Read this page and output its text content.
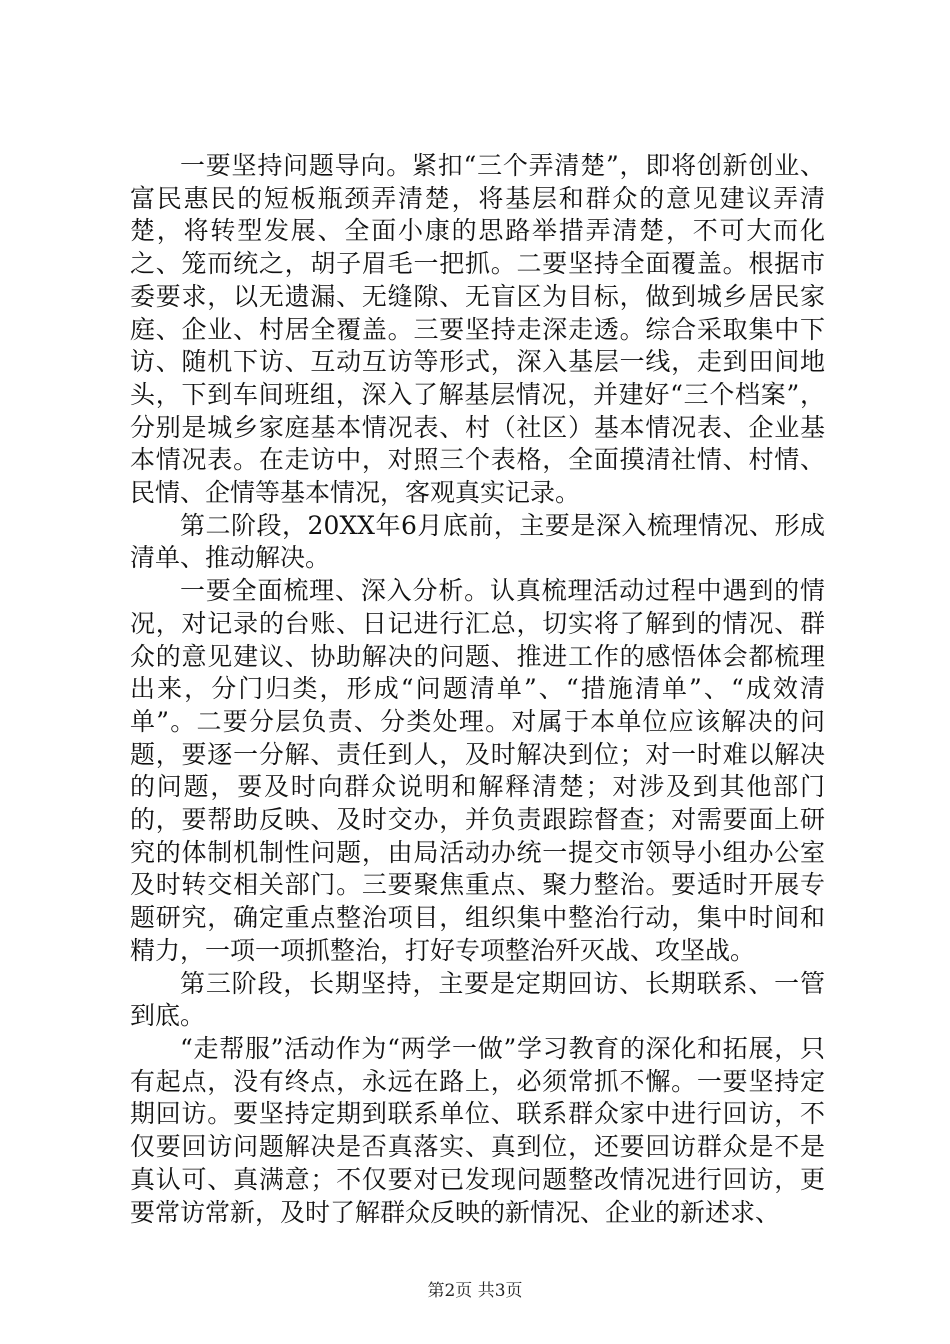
一要坚持问题导向。紧扣“三个弄清楚”，即将创新创业、富民惠民的短板瓶颈弄清楚，将基层和群众的意见建议弄清楚，将转型发展、全面小康的思路举措弄清楚，不可大而化之、笼而统之，胡子眉毛一把抓。二要坚持全面覆盖。根据市委要求，以无遗漏、无缝隙、无盲区为目标，做到城乡居民家庭、企业、村居全覆盖。三要坚持走深走透。综合采取集中下访、随机下访、互动互访等形式，深入基层一线，走到田间地头，下到车间班组，深入了解基层情况，并建好“三个档案”，分别是城乡家庭基本情况表、村（社区）基本情况表、企业基本情况表。在走访中，对照三个表格，全面摸清社情、村情、民情、企情等基本情况，客观真实记录。

第二阶段，20XX年6月底前，主要是深入梳理情况、形成清单、推动解决。

一要全面梳理、深入分析。认真梳理活动过程中遇到的情况，对记录的台账、日记进行汇总，切实将了解到的情况、群众的意见建议、协助解决的问题、推进工作的感悟体会都梳理出来，分门归类，形成“问题清单”、“措施清单”、“成效清单”。二要分层负责、分类处理。对属于本单位应该解决的问题，要逐一分解、责任到人，及时解决到位；对一时难以解决的问题，要及时向群众说明和解释清楚；对涉及到其他部门的，要帮助反映、及时交办，并负责跟踪督查；对需要面上研究的体制机制性问题，由局活动办统一提交市领导小组办公室及时转交相关部门。三要聚焦重点、聚力整治。要适时开展专题研究，确定重点整治项目，组织集中整治行动，集中时间和精力，一项一项抓整治，打好专项整治歼灭战、攻坚战。

第三阶段，长期坚持，主要是定期回访、长期联系、一管到底。

“走帮服”活动作为“两学一做”学习教育的深化和拓展，只有起点，没有终点，永远在路上，必须常抓不懈。一要坚持定期回访。要坚持定期到联系单位、联系群众家中进行回访，不仅要回访问题解决是否真落实、真到位，还要回访群众是不是真认可、真满意；不仅要对已发现问题整改情况进行回访，更要常访常新，及时了解群众反映的新情况、企业的新述求、

第2页 共3页
